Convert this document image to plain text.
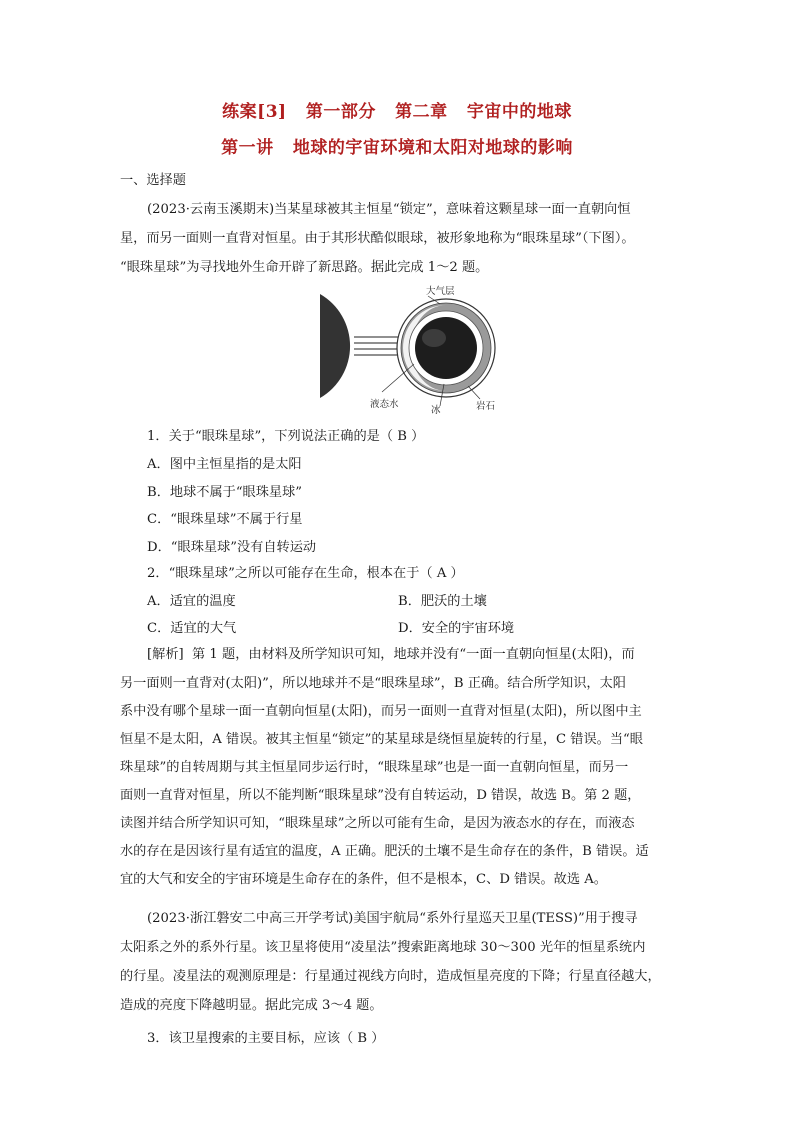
练案[3]   第一部分   第二章   宇宙中的地球
第一讲   地球的宇宙环境和太阳对地球的影响
一、选择题
(2023·云南玉溪期末)当某星球被其主恒星“锁定”，意味着这颗星球一面一直朝向恒
星，而另一面则一直背对恒星。由于其形状酷似眼球，被形象地称为“眼珠星球”（下图）。
“眼珠星球”为寻找地外生命开辟了新思路。据此完成 1～2 题。
大气层
液态水
冰	岩石
1．关于“眼珠星球”，下列说法正确的是（ B ）
A．图中主恒星指的是太阳
B．地球不属于“眼珠星球”
C．“眼珠星球”不属于行星
D．“眼珠星球”没有自转运动
2．“眼珠星球”之所以可能存在生命，根本在于（ A ）
A．适宜的温度	B．肥沃的土壤
C．适宜的大气	D．安全的宇宙环境
[解析]  第 1 题，由材料及所学知识可知，地球并没有“一面一直朝向恒星(太阳)，而
另一面则一直背对(太阳)”，所以地球并不是“眼珠星球”，B 正确。结合所学知识，太阳
系中没有哪个星球一面一直朝向恒星(太阳)，而另一面则一直背对恒星(太阳)，所以图中主
恒星不是太阳，A 错误。被其主恒星“锁定”的某星球是绕恒星旋转的行星，C 错误。当“眼
珠星球”的自转周期与其主恒星同步运行时，“眼珠星球”也是一面一直朝向恒星，而另一
面则一直背对恒星，所以不能判断“眼珠星球”没有自转运动，D 错误，故选 B。第 2 题，
读图并结合所学知识可知，“眼珠星球”之所以可能有生命，是因为液态水的存在，而液态
水的存在是因该行星有适宜的温度，A 正确。肥沃的土壤不是生命存在的条件，B 错误。适
宜的大气和安全的宇宙环境是生命存在的条件，但不是根本，C、D 错误。故选 A。
(2023·浙江磐安二中高三开学考试)美国宇航局“系外行星巡天卫星(TESS)”用于搜寻
太阳系之外的系外行星。该卫星将使用“凌星法”搜索距离地球 30～300 光年的恒星系统内
的行星。凌星法的观测原理是：行星通过视线方向时，造成恒星亮度的下降；行星直径越大，
造成的亮度下降越明显。据此完成 3～4 题。
3．该卫星搜索的主要目标，应该（ B ）
